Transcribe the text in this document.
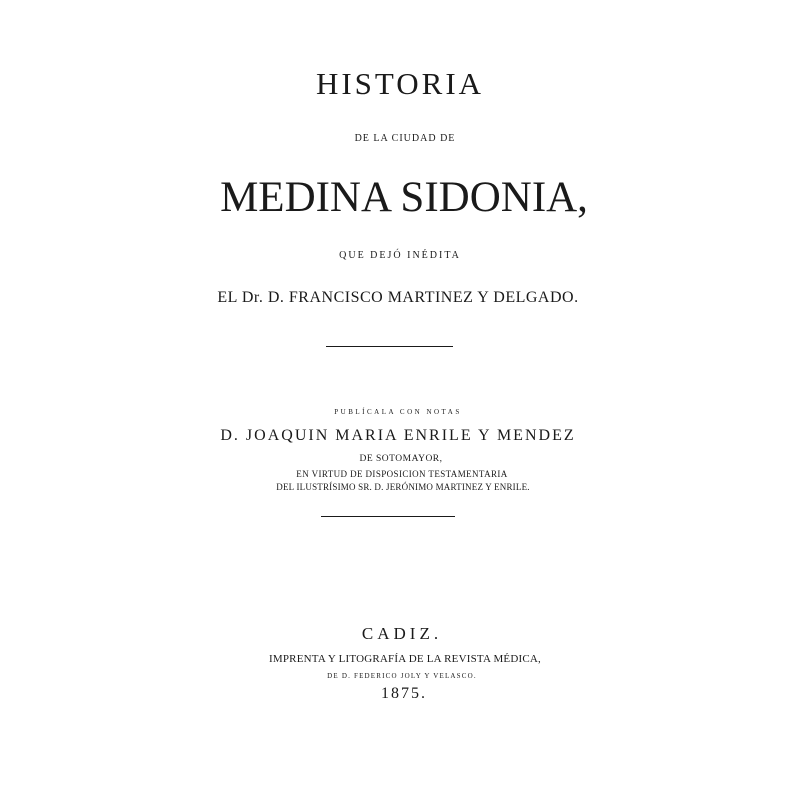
HISTORIA
DE LA CIUDAD DE
MEDINA SIDONIA,
QUE DEJÓ INÉDITA
EL Dr. D. FRANCISCO MARTINEZ Y DELGADO.
PUBLÍCALA CON NOTAS
D. JOAQUIN MARIA ENRILE Y MENDEZ
DE SOTOMAYOR,
EN VIRTUD DE DISPOSICION TESTAMENTARIA
DEL ILUSTRÍSIMO SR. D. JERÓNIMO MARTINEZ Y ENRILE.
CADIZ.
IMPRENTA Y LITOGRAFÍA DE LA REVISTA MÉDICA,
DE D. FEDERICO JOLY Y VELASCO.
1875.
